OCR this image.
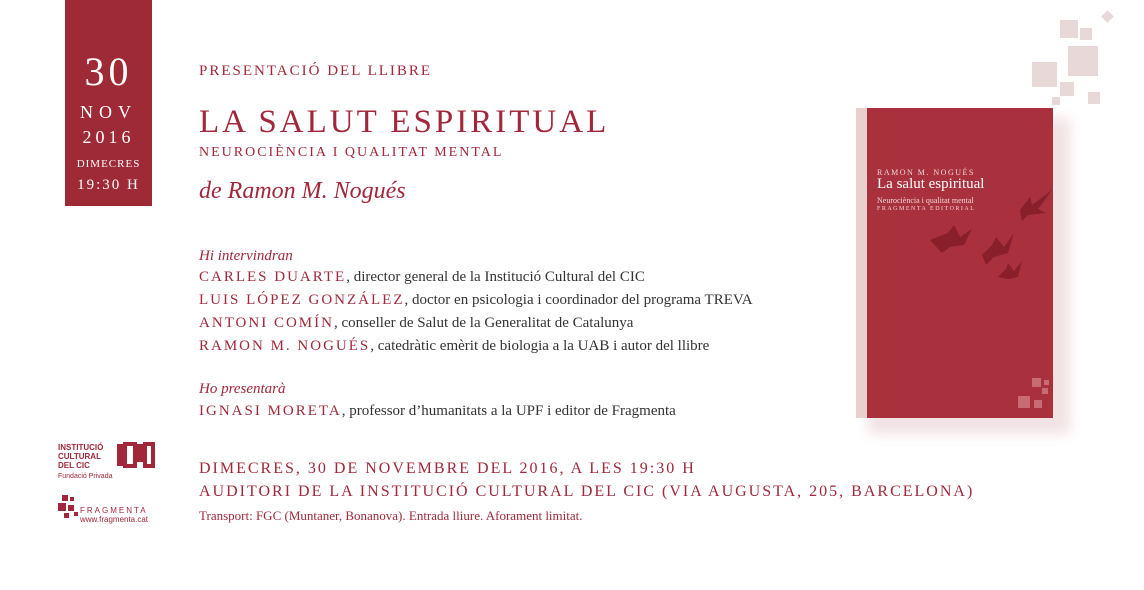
30
NOV
2016
DIMECRES
19:30 H
PRESENTACIÓ DEL LLIBRE
LA SALUT ESPIRITUAL
NEUROCIÈNCIA I QUALITAT MENTAL
de Ramon M. Nogués
Hi intervindran
CARLES DUARTE, director general de la Institució Cultural del CIC
LUIS LÓPEZ GONZÁLEZ, doctor en psicologia i coordinador del programa TREVA
ANTONI COMÍN, conseller de Salut de la Generalitat de Catalunya
RAMON M. NOGUÉS, catedràtic emèrit de biologia a la UAB i autor del llibre
Ho presentarà
IGNASI MORETA, professor d’humanitats a la UPF i editor de Fragmenta
DIMECRES, 30 DE NOVEMBRE DEL 2016, A LES 19:30 H
AUDITORI DE LA INSTITUCIÓ CULTURAL DEL CIC (VIA AUGUSTA, 205, BARCELONA)
Transport: FGC (Muntaner, Bonanova). Entrada lliure. Aforament limitat.
RAMON M. NOGUÉS
La salut espiritual
Neurociència i qualitat mental
FRAGMENTA EDITORIAL
INSTITUCIÓ
CULTURAL
DEL CIC
Fundació Privada
FRAGMENTA
www.fragmenta.cat
